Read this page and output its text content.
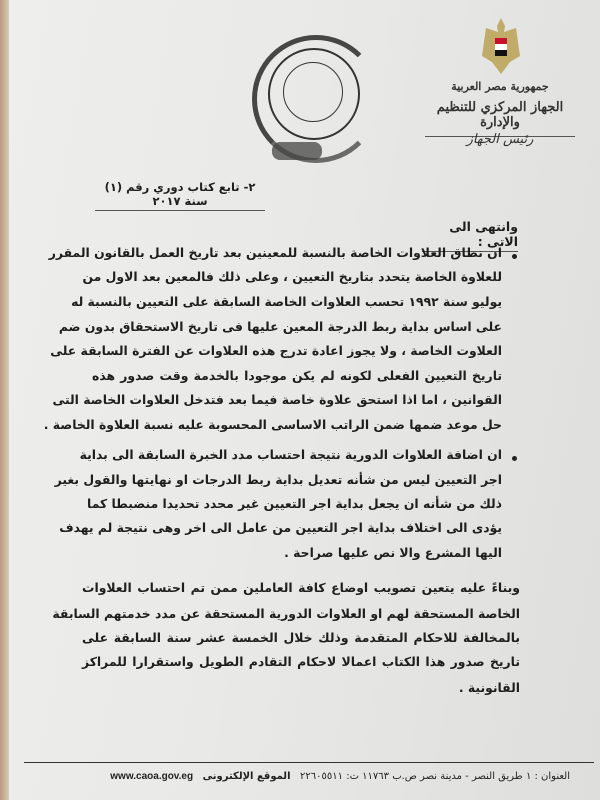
جمهورية مصر العربية
الجهاز المركزي للتنظيم والإدارة
رئيس الجهاز
٢- تابع كتاب دوري رقم (١) سنة ٢٠١٧
وانتهى الى الاتى :
ان نطاق العلاوات الخاصة بالنسبة للمعينين بعد تاريخ العمل بالقانون المقرر
للعلاوة الخاصة يتحدد بتاريخ التعيين ، وعلى ذلك فالمعين بعد الاول من
يوليو سنة ١٩٩٢ تحسب العلاوات الخاصة السابقة على التعيين بالنسبة له
على اساس بداية ربط الدرجة المعين عليها فى تاريخ الاستحقاق بدون ضم
العلاوت الخاصة ، ولا يجوز اعادة تدرج هذه العلاوات عن الفترة السابقة على
تاريخ التعيين الفعلى لكونه لم يكن موجودا بالخدمة وقت صدور هذه
القوانين ، اما اذا استحق علاوة خاصة فيما بعد فتدخل العلاوات الخاصة التى
حل موعد ضمها ضمن الراتب الاساسى المحسوبة عليه نسبة العلاوة الخاصة .
ان اضافة العلاوات الدورية نتيجة احتساب مدد الخبرة السابقة الى بداية
اجر التعيين ليس من شأنه تعديل بداية ربط الدرجات او نهايتها والقول بغير
ذلك من شأنه ان يجعل بداية اجر التعيين غير محدد تحديدا منضبطا كما
يؤدى الى اختلاف بداية اجر التعيين من عامل الى اخر وهى نتيجة لم يهدف
اليها المشرع والا نص عليها صراحة .
وبناءً عليه يتعين تصويب اوضاع كافة العاملين ممن تم احتساب العلاوات
الخاصة المستحقة لهم او العلاوات الدورية المستحقة عن مدد خدمتهم السابقة
بالمخالفة للاحكام المتقدمة وذلك خلال الخمسة عشر سنة السابقة على
تاريخ صدور هذا الكتاب اعمالا لاحكام التقادم الطويل واستقرارا للمراكز
القانونية .
العنوان : ١ طريق النصر - مدينة نصر ص.ب ١١٧٦٣ ت: ٢٢٦٠٥٥١١   الموقع الإلكترونى   www.caoa.gov.eg
